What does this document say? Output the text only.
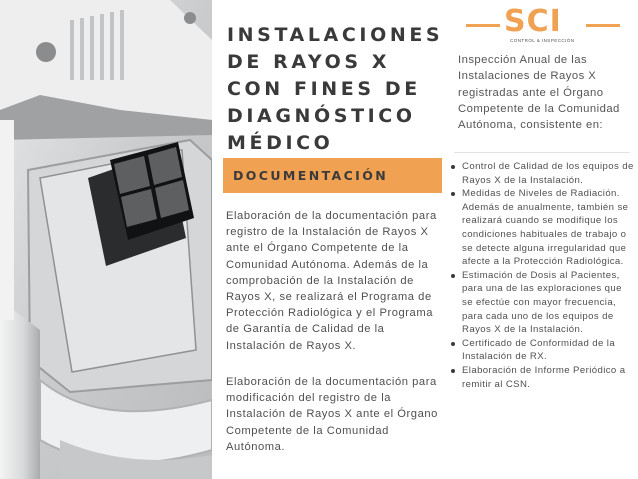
INSTALACIONES
DE RAYOS X
CON FINES DE
DIAGNÓSTICO
MÉDICO
DOCUMENTACIÓN

Elaboración de la documentación para registro de la Instalación de Rayos X ante el Órgano Competente de la Comunidad Autónoma. Además de la comprobación de la Instalación de Rayos X, se realizará el Programa de Protección Radiológica y el Programa de Garantía de Calidad de la Instalación de Rayos X.

Elaboración de la documentación para modificación del registro de la Instalación de Rayos X ante el Órgano Competente de la Comunidad Autónoma.

SCI
CONTROL & INSPECCIÓN

Inspección Anual de las Instalaciones de Rayos X registradas ante el Órgano Competente de la Comunidad Autónoma, consistente en:

Control de Calidad de los equipos de Rayos X de la Instalación.
Medidas de Niveles de Radiación. Además de anualmente, también se realizará cuando se modifique los condiciones habituales de trabajo o se detecte alguna irregularidad que afecte a la Protección Radiológica.
Estimación de Dosis al Pacientes, para una de las exploraciones que se efectúe con mayor frecuencia, para cada uno de los equipos de Rayos X de la Instalación.
Certificado de Conformidad de la Instalación de RX.
Elaboración de Informe Periódico a remitir al CSN.
